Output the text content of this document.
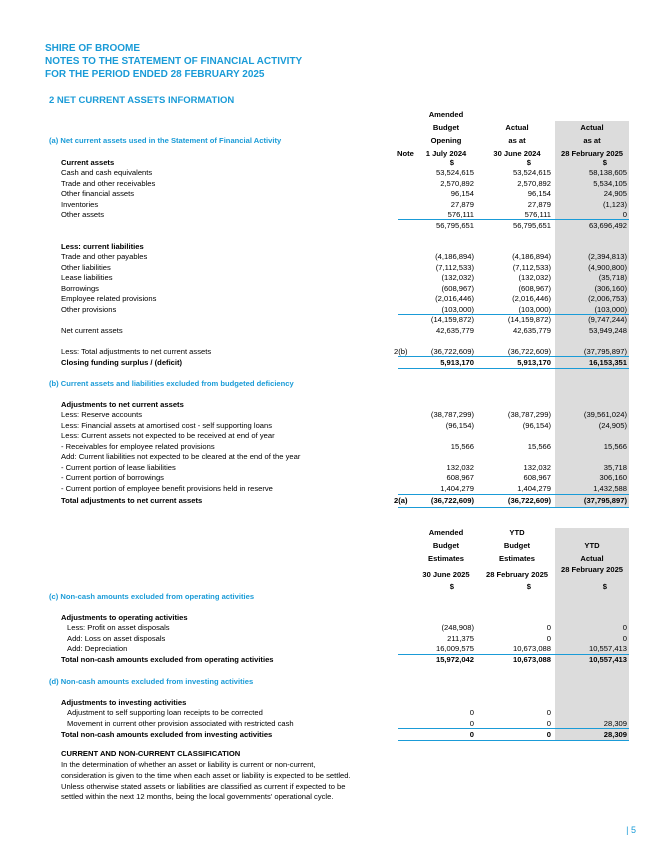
SHIRE OF BROOME
NOTES TO THE STATEMENT OF FINANCIAL ACTIVITY
FOR THE PERIOD ENDED 28 FEBRUARY 2025
2 NET CURRENT ASSETS INFORMATION
Amended
Budget
Opening
1 July 2024
Actual
as at
30 June 2024
Actual
as at
28 February 2025
Note
(a) Net current assets used in the Statement of Financial Activity
Current assets	$	$	$
Cash and cash equivalents	53,524,615	53,524,615	58,138,605
Trade and other receivables	2,570,892	2,570,892	5,534,105
Other financial assets	96,154	96,154	24,905
Inventories	27,879	27,879	(1,123)
Other assets	576,111	576,111	0
56,795,651	56,795,651	63,696,492
Less: current liabilities
Trade and other payables	(4,186,894)	(4,186,894)	(2,394,813)
Other liabilities	(7,112,533)	(7,112,533)	(4,900,800)
Lease liabilities	(132,032)	(132,032)	(35,718)
Borrowings	(608,967)	(608,967)	(306,160)
Employee related provisions	(2,016,446)	(2,016,446)	(2,006,753)
Other provisions	(103,000)	(103,000)	(103,000)
(14,159,872)	(14,159,872)	(9,747,244)
Net current assets	42,635,779	42,635,779	53,949,248
Less: Total adjustments to net current assets	2(b)	(36,722,609)	(36,722,609)	(37,795,897)
Closing funding surplus / (deficit)	5,913,170	5,913,170	16,153,351
(b) Current assets and liabilities excluded from budgeted deficiency
Adjustments to net current assets
Less: Reserve accounts	(38,787,299)	(38,787,299)	(39,561,024)
Less: Financial assets at amortised cost - self supporting loans	(96,154)	(96,154)	(24,905)
Less: Current assets not expected to be received at end of year
- Receivables for employee related provisions	15,566	15,566	15,566
Add: Current liabilities not expected to be cleared at the end of the year
- Current portion of lease liabilities	132,032	132,032	35,718
- Current portion of borrowings	608,967	608,967	306,160
- Current portion of employee benefit provisions held in reserve	1,404,279	1,404,279	1,432,588
Total adjustments to net current assets	2(a)	(36,722,609)	(36,722,609)	(37,795,897)
Amended
Budget
Estimates
YTD
Budget
Estimates
YTD
Actual
30 June 2025	28 February 2025
28 February 2025
$	$	$
(c) Non-cash amounts excluded from operating activities
Adjustments to operating activities
Less: Profit on asset disposals	(248,908)	0	0
Add: Loss on asset disposals	211,375	0	0
Add: Depreciation	16,009,575	10,673,088	10,557,413
Total non-cash amounts excluded from operating activities	15,972,042	10,673,088	10,557,413
(d) Non-cash amounts excluded from investing activities
Adjustments to investing activities
Adjustment to self supporting loan receipts to be corrected	0	0
Movement in current other provision associated with restricted cash	0	0	28,309
Total non-cash amounts excluded from investing activities	0	0	28,309
CURRENT AND NON-CURRENT CLASSIFICATION
In the determination of whether an asset or liability is current or non-current, consideration is given to the time when each asset or liability is expected to be settled. Unless otherwise stated assets or liabilities are classified as current if expected to be settled within the next 12 months, being the local governments' operational cycle.
| 5
